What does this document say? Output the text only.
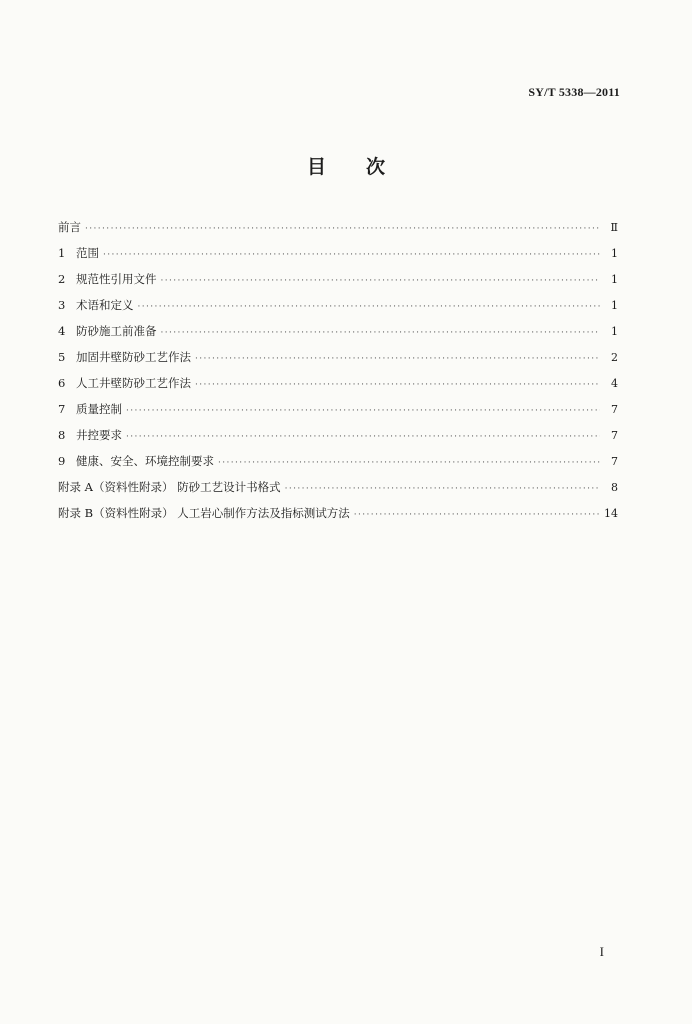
SY/T 5338—2011
目 次
前言 ·····	Ⅱ
1 范围 ·····	1
2 规范性引用文件 ·····	1
3 术语和定义 ·····	1
4 防砂施工前准备 ·····	1
5 加固井壁防砂工艺作法 ·····	2
6 人工井壁防砂工艺作法 ·····	4
7 质量控制 ·····	7
8 井控要求 ·····	7
9 健康、安全、环境控制要求 ·····	7
附录 A（资料性附录） 防砂工艺设计书格式 ·····	8
附录 B（资料性附录） 人工岩心制作方法及指标测试方法 ·····	14
I
